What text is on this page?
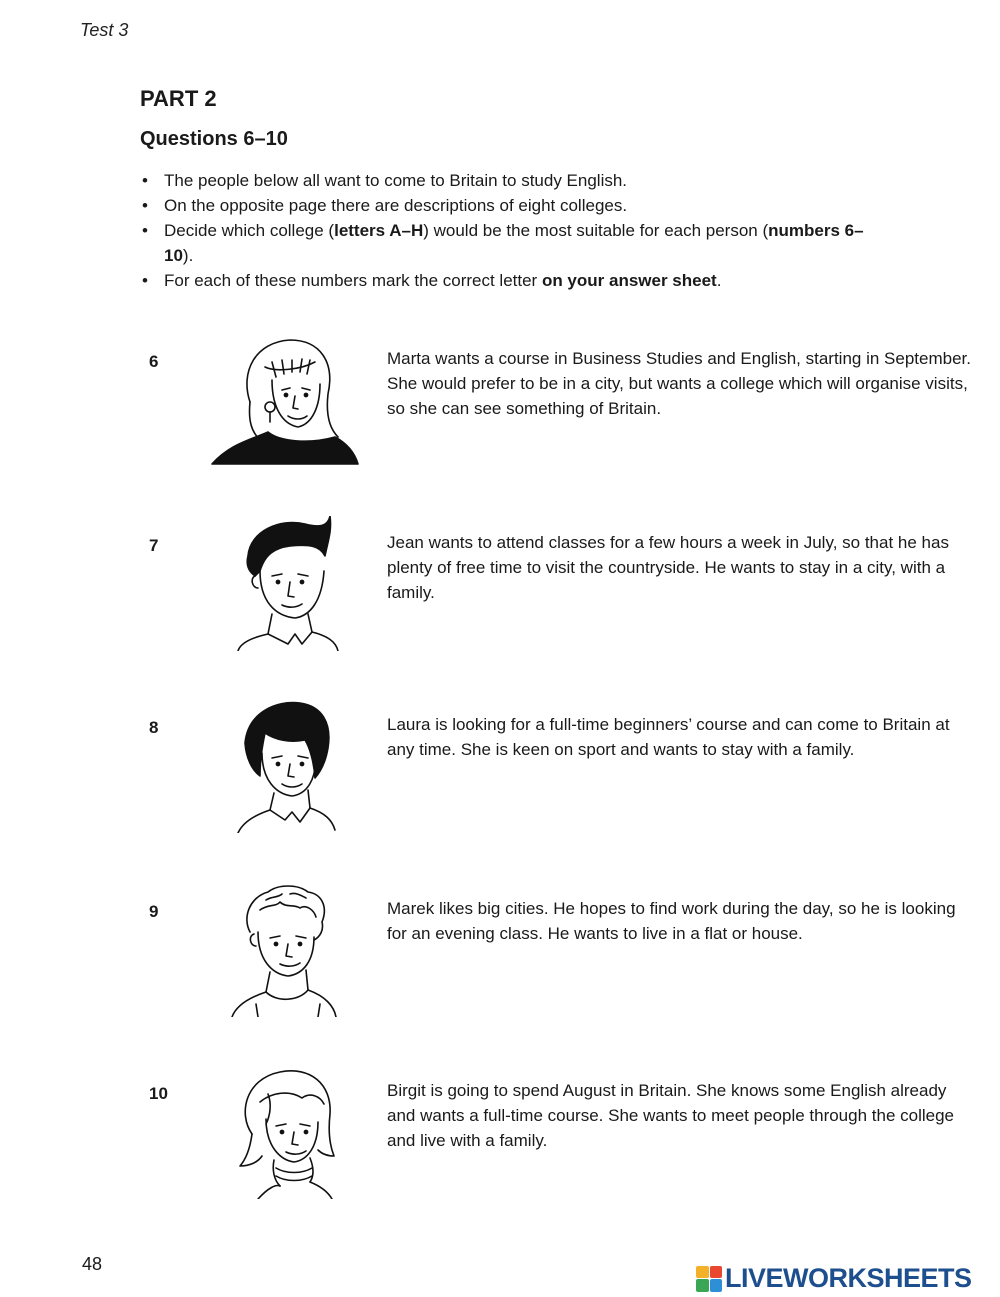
Test 3
PART 2
Questions 6–10
• The people below all want to come to Britain to study English.
• On the opposite page there are descriptions of eight colleges.
• Decide which college (letters A–H) would be the most suitable for each person (numbers 6–10).
• For each of these numbers mark the correct letter on your answer sheet.
6	Marta wants a course in Business Studies and English, starting in September. She would prefer to be in a city, but wants a college which will organise visits, so she can see something of Britain.

7	Jean wants to attend classes for a few hours a week in July, so that he has plenty of free time to visit the countryside. He wants to stay in a city, with a family.

8	Laura is looking for a full-time beginners’ course and can come to Britain at any time. She is keen on sport and wants to stay with a family.

9	Marek likes big cities. He hopes to find work during the day, so he is looking for an evening class. He wants to live in a flat or house.

10	Birgit is going to spend August in Britain. She knows some English already and wants a full-time course. She wants to meet people through the college and live with a family.

48	LIVEWORKSHEETS
